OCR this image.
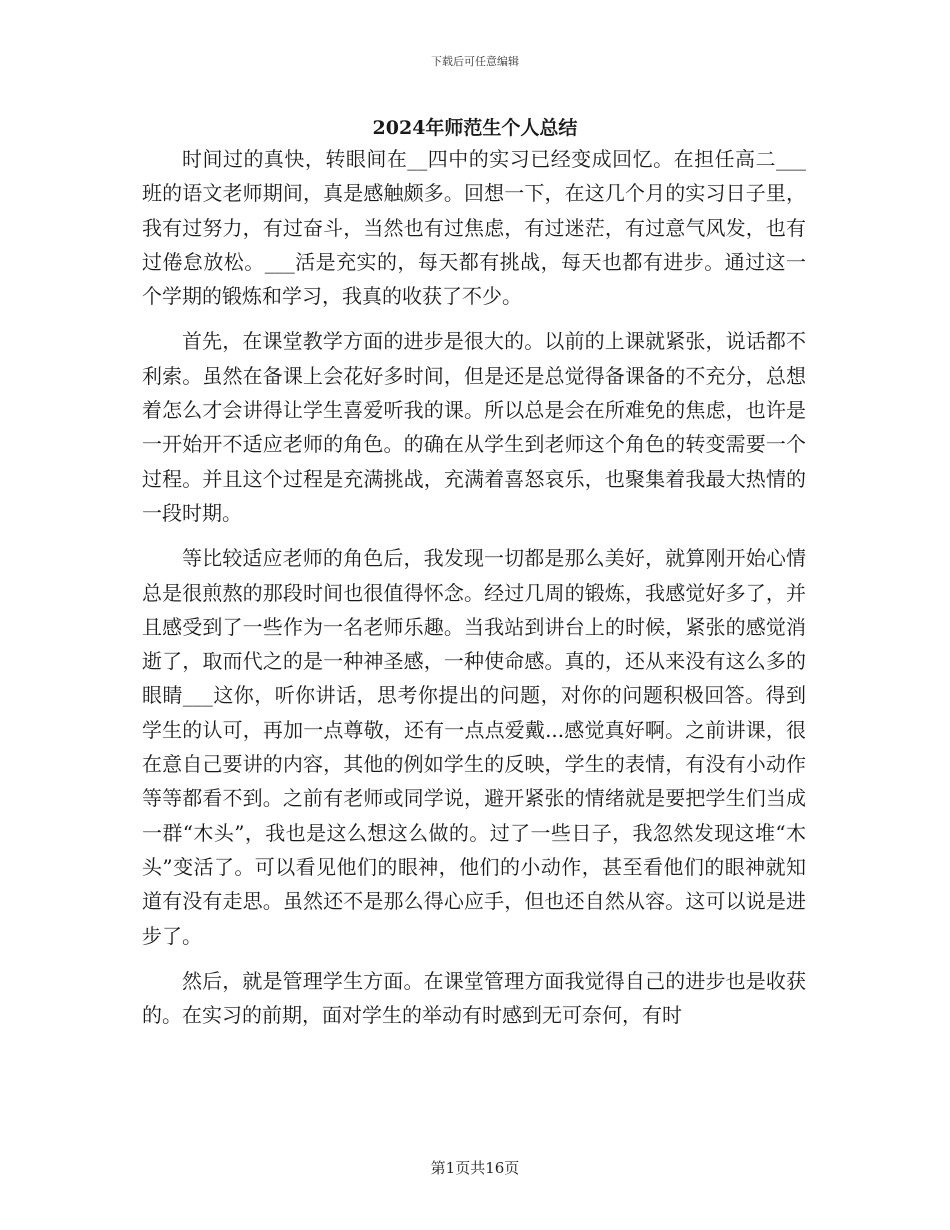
下载后可任意编辑
2024年师范生个人总结

时间过的真快，转眼间在__四中的实习已经变成回忆。在担任高二___班的语文老师期间，真是感触颇多。回想一下，在这几个月的实习日子里，我有过努力，有过奋斗，当然也有过焦虑，有过迷茫，有过意气风发，也有过倦怠放松。___活是充实的，每天都有挑战，每天也都有进步。通过这一个学期的锻炼和学习，我真的收获了不少。

首先，在课堂教学方面的进步是很大的。以前的上课就紧张，说话都不利索。虽然在备课上会花好多时间，但是还是总觉得备课备的不充分，总想着怎么才会讲得让学生喜爱听我的课。所以总是会在所难免的焦虑，也许是一开始开不适应老师的角色。的确在从学生到老师这个角色的转变需要一个过程。并且这个过程是充满挑战，充满着喜怒哀乐，也聚集着我最大热情的一段时期。

等比较适应老师的角色后，我发现一切都是那么美好，就算刚开始心情总是很煎熬的那段时间也很值得怀念。经过几周的锻炼，我感觉好多了，并且感受到了一些作为一名老师乐趣。当我站到讲台上的时候，紧张的感觉消逝了，取而代之的是一种神圣感，一种使命感。真的，还从来没有这么多的眼睛___这你，听你讲话，思考你提出的问题，对你的问题积极回答。得到学生的认可，再加一点尊敬，还有一点点爱戴...感觉真好啊。之前讲课，很在意自己要讲的内容，其他的例如学生的反映，学生的表情，有没有小动作等等都看不到。之前有老师或同学说，避开紧张的情绪就是要把学生们当成一群“木头”，我也是这么想这么做的。过了一些日子，我忽然发现这堆“木头”变活了。可以看见他们的眼神，他们的小动作，甚至看他们的眼神就知道有没有走思。虽然还不是那么得心应手，但也还自然从容。这可以说是进步了。

然后，就是管理学生方面。在课堂管理方面我觉得自己的进步也是收获的。在实习的前期，面对学生的举动有时感到无可奈何，有时

第1页共16页
